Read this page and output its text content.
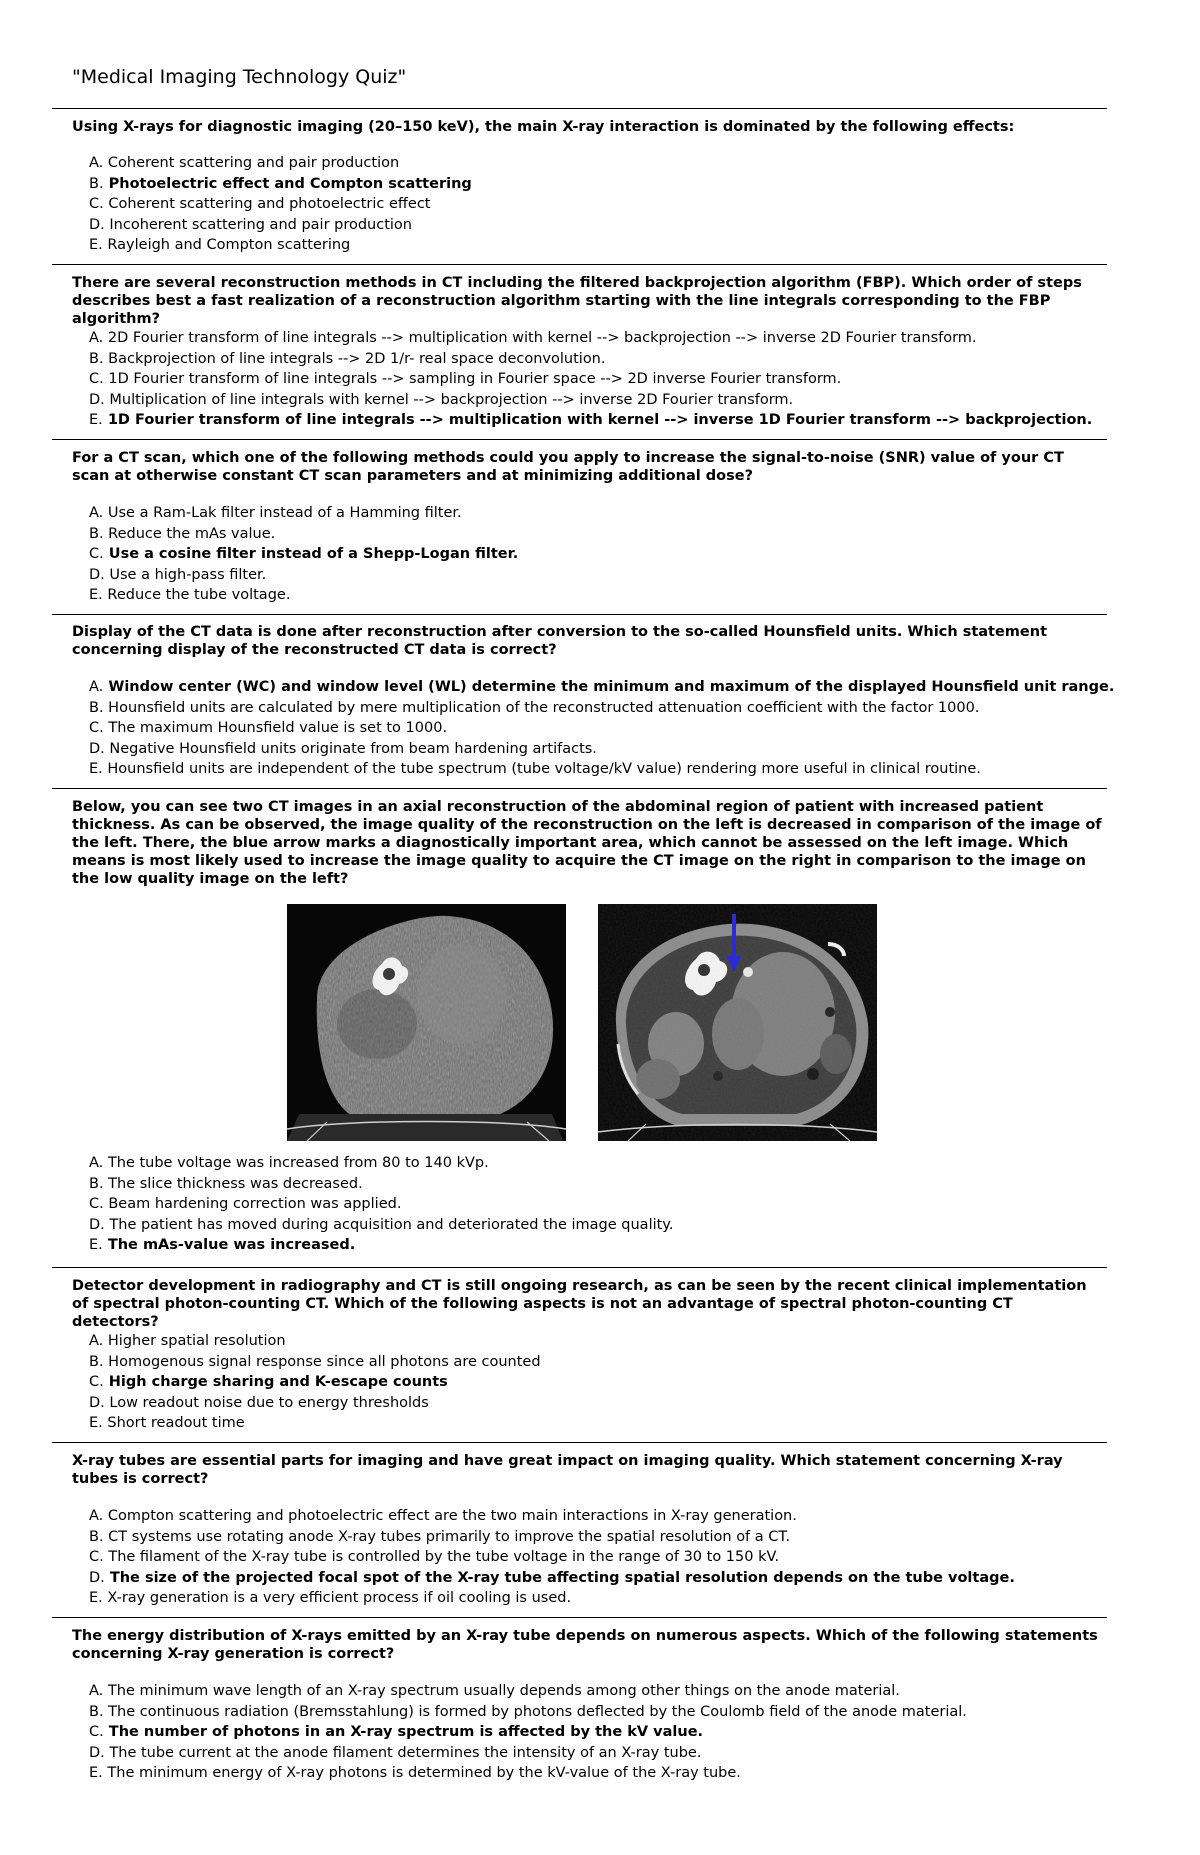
"Medical Imaging Technology Quiz"

Using X-rays for diagnostic imaging (20–150 keV), the main X-ray interaction is dominated by the following effects:

A. Coherent scattering and pair production
B. Photoelectric effect and Compton scattering
C. Coherent scattering and photoelectric effect
D. Incoherent scattering and pair production
E. Rayleigh and Compton scattering

There are several reconstruction methods in CT including the filtered backprojection algorithm (FBP). Which order of steps describes best a fast realization of a reconstruction algorithm starting with the line integrals corresponding to the FBP algorithm?

A. 2D Fourier transform of line integrals --> multiplication with kernel --> backprojection --> inverse 2D Fourier transform.
B. Backprojection of line integrals --> 2D 1/r- real space deconvolution.
C. 1D Fourier transform of line integrals --> sampling in Fourier space --> 2D inverse Fourier transform.
D. Multiplication of line integrals with kernel --> backprojection --> inverse 2D Fourier transform.
E. 1D Fourier transform of line integrals --> multiplication with kernel --> inverse 1D Fourier transform --> backprojection.

For a CT scan, which one of the following methods could you apply to increase the signal-to-noise (SNR) value of your CT scan at otherwise constant CT scan parameters and at minimizing additional dose?

A. Use a Ram-Lak filter instead of a Hamming filter.
B. Reduce the mAs value.
C. Use a cosine filter instead of a Shepp-Logan filter.
D. Use a high-pass filter.
E. Reduce the tube voltage.

Display of the CT data is done after reconstruction after conversion to the so-called Hounsfield units. Which statement concerning display of the reconstructed CT data is correct?

A. Window center (WC) and window level (WL) determine the minimum and maximum of the displayed Hounsfield unit range.
B. Hounsfield units are calculated by mere multiplication of the reconstructed attenuation coefficient with the factor 1000.
C. The maximum Hounsfield value is set to 1000.
D. Negative Hounsfield units originate from beam hardening artifacts.
E. Hounsfield units are independent of the tube spectrum (tube voltage/kV value) rendering more useful in clinical routine.

Below, you can see two CT images in an axial reconstruction of the abdominal region of patient with increased patient thickness. As can be observed, the image quality of the reconstruction on the left is decreased in comparison of the image of the left. There, the blue arrow marks a diagnostically important area, which cannot be assessed on the left image. Which means is most likely used to increase the image quality to acquire the CT image on the right in comparison to the image on the low quality image on the left?

A. The tube voltage was increased from 80 to 140 kVp.
B. The slice thickness was decreased.
C. Beam hardening correction was applied.
D. The patient has moved during acquisition and deteriorated the image quality.
E. The mAs-value was increased.

Detector development in radiography and CT is still ongoing research, as can be seen by the recent clinical implementation of spectral photon-counting CT. Which of the following aspects is not an advantage of spectral photon-counting CT detectors?

A. Higher spatial resolution
B. Homogenous signal response since all photons are counted
C. High charge sharing and K-escape counts
D. Low readout noise due to energy thresholds
E. Short readout time

X-ray tubes are essential parts for imaging and have great impact on imaging quality. Which statement concerning X-ray tubes is correct?

A. Compton scattering and photoelectric effect are the two main interactions in X-ray generation.
B. CT systems use rotating anode X-ray tubes primarily to improve the spatial resolution of a CT.
C. The filament of the X-ray tube is controlled by the tube voltage in the range of 30 to 150 kV.
D. The size of the projected focal spot of the X-ray tube affecting spatial resolution depends on the tube voltage.
E. X-ray generation is a very efficient process if oil cooling is used.

The energy distribution of X-rays emitted by an X-ray tube depends on numerous aspects. Which of the following statements concerning X-ray generation is correct?

A. The minimum wave length of an X-ray spectrum usually depends among other things on the anode material.
B. The continuous radiation (Bremsstahlung) is formed by photons deflected by the Coulomb field of the anode material.
C. The number of photons in an X-ray spectrum is affected by the kV value.
D. The tube current at the anode filament determines the intensity of an X-ray tube.
E. The minimum energy of X-ray photons is determined by the kV-value of the X-ray tube.
